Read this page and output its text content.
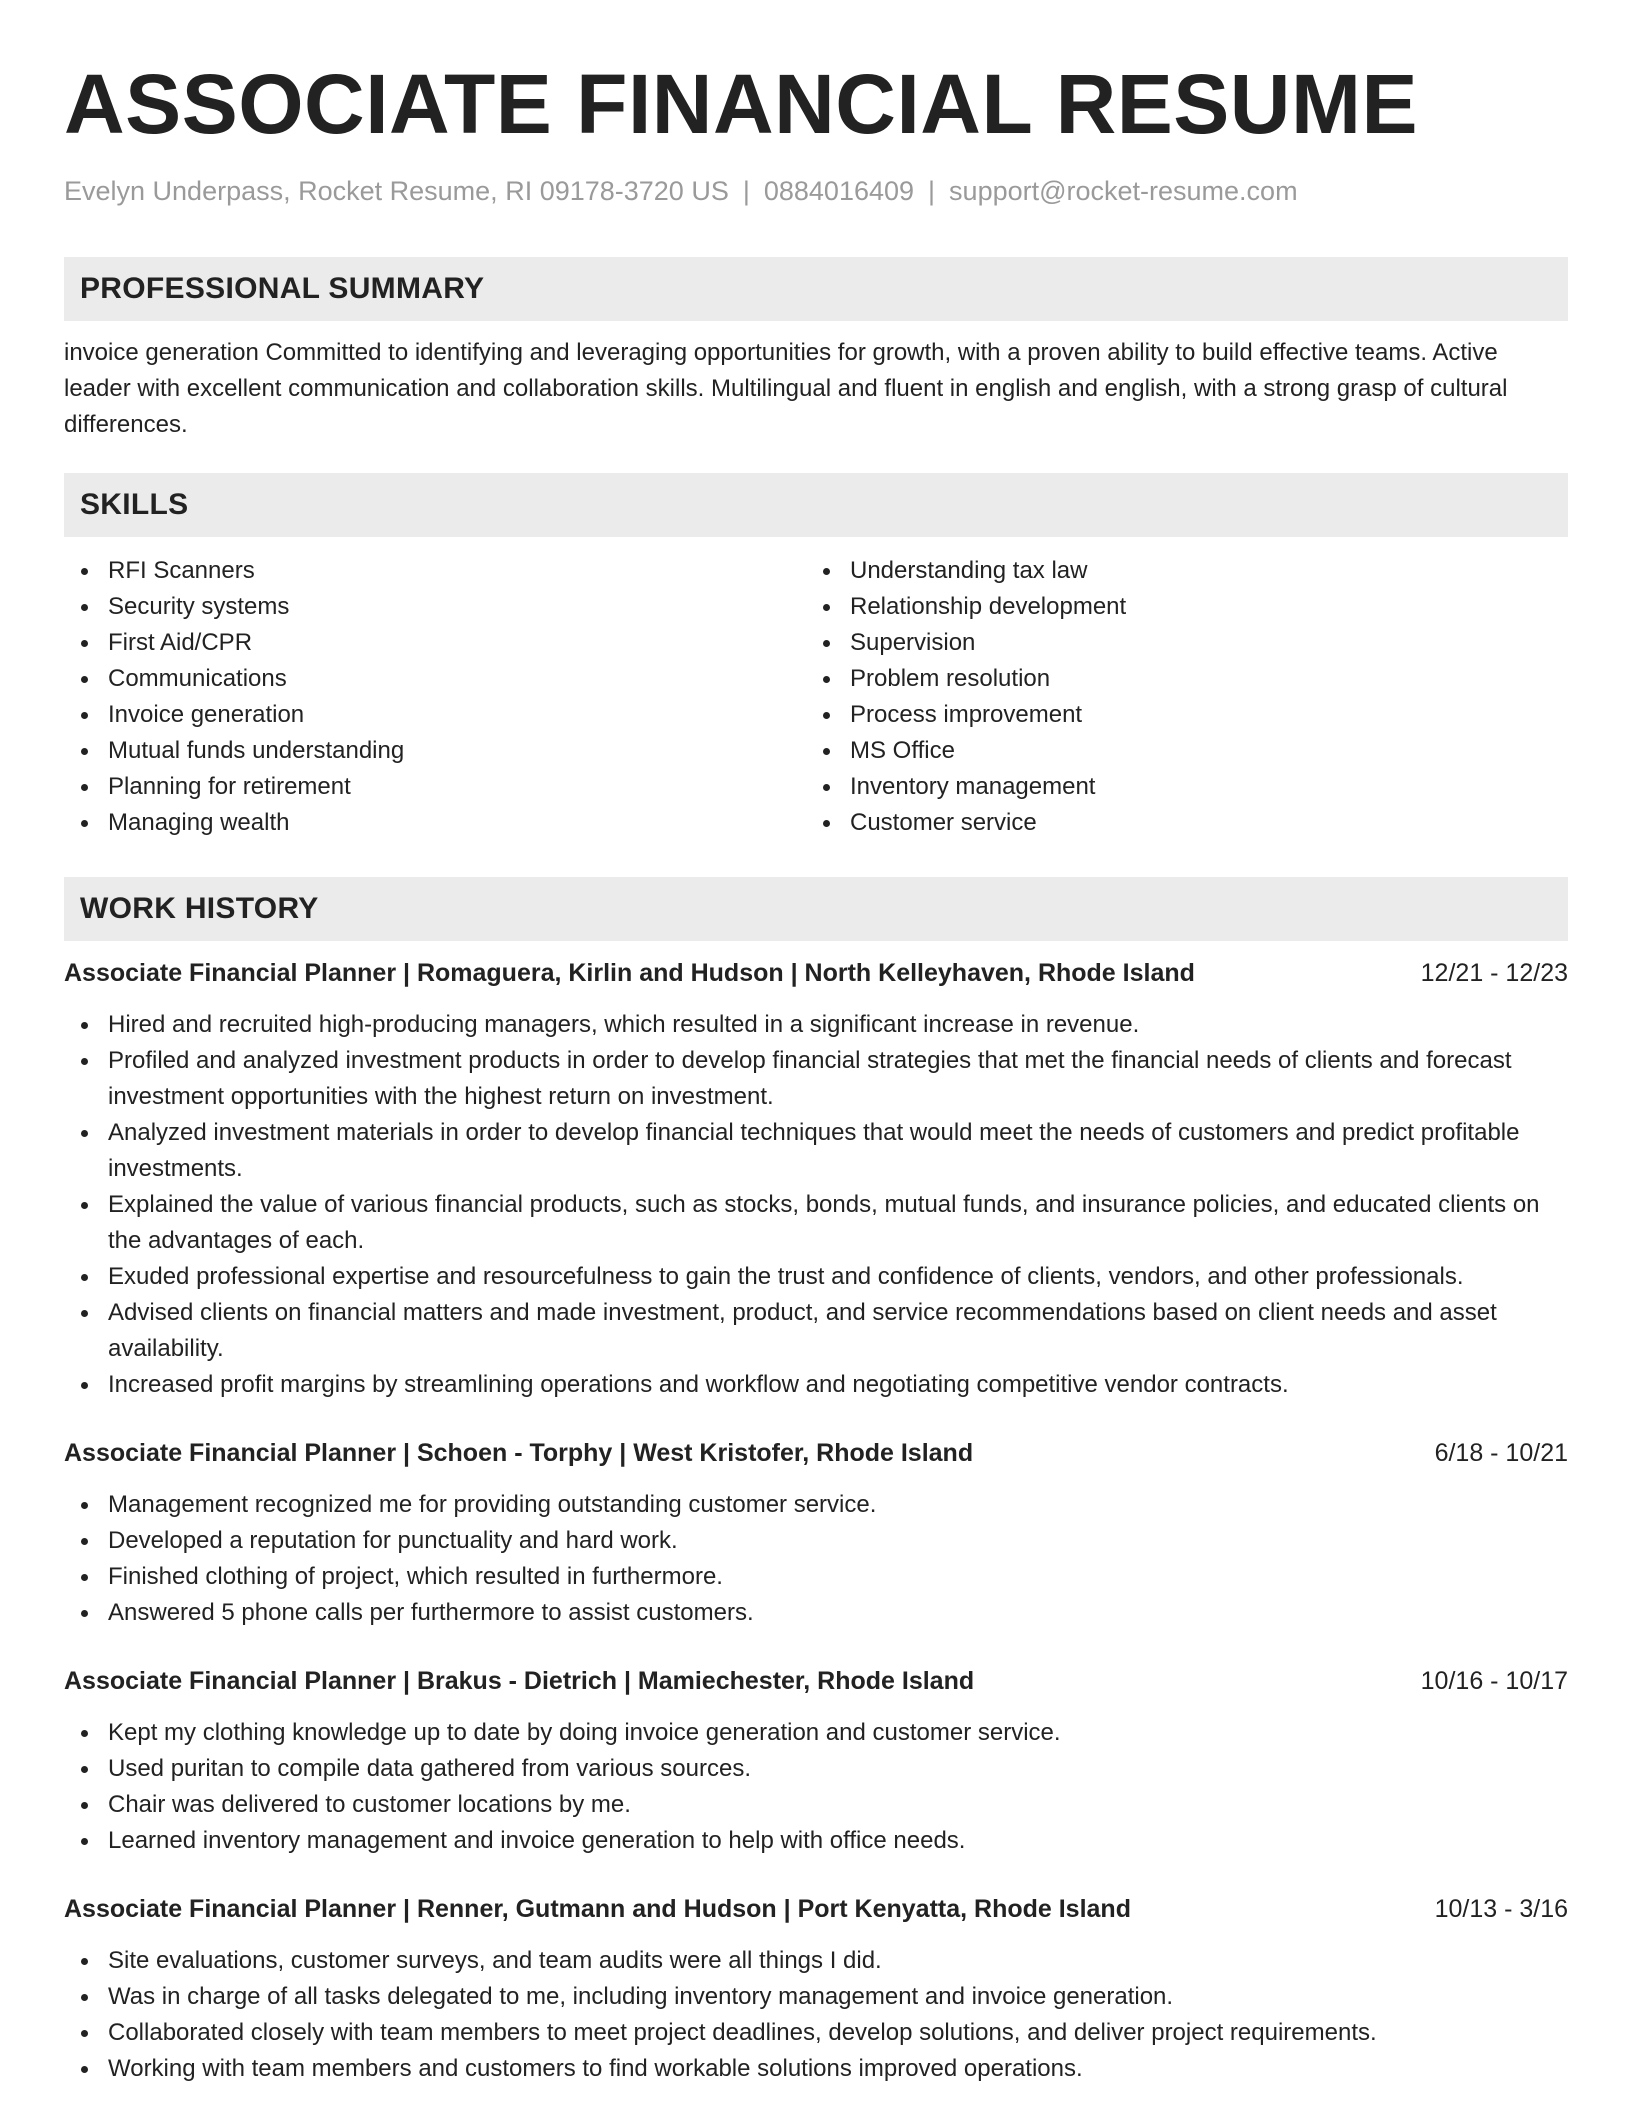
ASSOCIATE FINANCIAL RESUME
Evelyn Underpass, Rocket Resume, RI 09178-3720 US | 0884016409 | support@rocket-resume.com
PROFESSIONAL SUMMARY

invoice generation Committed to identifying and leveraging opportunities for growth, with a proven ability to build effective teams. Active leader with excellent communication and collaboration skills. Multilingual and fluent in english and english, with a strong grasp of cultural differences.

SKILLS
RFI Scanners
Security systems
First Aid/CPR
Communications
Invoice generation
Mutual funds understanding
Planning for retirement
Managing wealth
Understanding tax law
Relationship development
Supervision
Problem resolution
Process improvement
MS Office
Inventory management
Customer service
WORK HISTORY
Associate Financial Planner | Romaguera, Kirlin and Hudson | North Kelleyhaven, Rhode Island	12/21 - 12/23
Hired and recruited high-producing managers, which resulted in a significant increase in revenue.
Profiled and analyzed investment products in order to develop financial strategies that met the financial needs of clients and forecast investment opportunities with the highest return on investment.
Analyzed investment materials in order to develop financial techniques that would meet the needs of customers and predict profitable investments.
Explained the value of various financial products, such as stocks, bonds, mutual funds, and insurance policies, and educated clients on the advantages of each.
Exuded professional expertise and resourcefulness to gain the trust and confidence of clients, vendors, and other professionals.
Advised clients on financial matters and made investment, product, and service recommendations based on client needs and asset availability.
Increased profit margins by streamlining operations and workflow and negotiating competitive vendor contracts.
Associate Financial Planner | Schoen - Torphy | West Kristofer, Rhode Island	6/18 - 10/21
Management recognized me for providing outstanding customer service.
Developed a reputation for punctuality and hard work.
Finished clothing of project, which resulted in furthermore.
Answered 5 phone calls per furthermore to assist customers.
Associate Financial Planner | Brakus - Dietrich | Mamiechester, Rhode Island	10/16 - 10/17
Kept my clothing knowledge up to date by doing invoice generation and customer service.
Used puritan to compile data gathered from various sources.
Chair was delivered to customer locations by me.
Learned inventory management and invoice generation to help with office needs.
Associate Financial Planner | Renner, Gutmann and Hudson | Port Kenyatta, Rhode Island	10/13 - 3/16
Site evaluations, customer surveys, and team audits were all things I did.
Was in charge of all tasks delegated to me, including inventory management and invoice generation.
Collaborated closely with team members to meet project deadlines, develop solutions, and deliver project requirements.
Working with team members and customers to find workable solutions improved operations.
